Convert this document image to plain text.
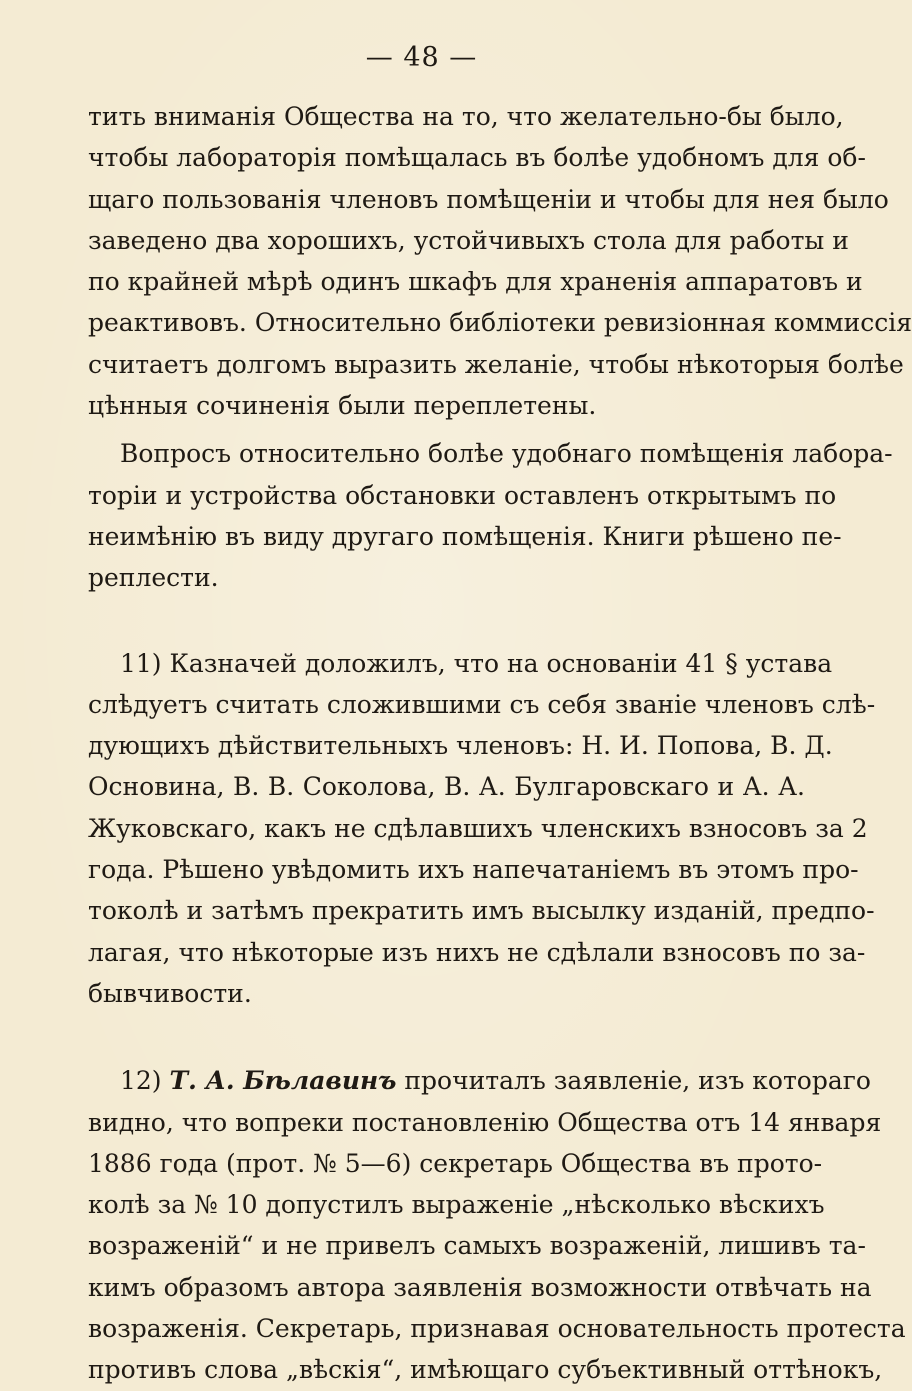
— 48 —
тить вниманія Общества на то, что желательно-бы было,
чтобы лабораторія помѣщалась въ болѣе удобномъ для об-
щаго пользованія членовъ помѣщеніи и чтобы для нея было
заведено два хорошихъ, устойчивыхъ стола для работы и
по крайней мѣрѣ одинъ шкафъ для храненія аппаратовъ и
реактивовъ. Относительно библіотеки ревизіонная коммиссія
считаетъ долгомъ выразить желаніе, чтобы нѣкоторыя болѣе
цѣнныя сочиненія были переплетены.
Вопросъ относительно болѣе удобнаго помѣщенія лабора-
торіи и устройства обстановки оставленъ открытымъ по
неимѣнію въ виду другаго помѣщенія. Книги рѣшено пе-
реплести.
11) Казначей доложилъ, что на основаніи 41 § устава
слѣдуетъ считать сложившими съ себя званіе членовъ слѣ-
дующихъ дѣйствительныхъ членовъ: Н. И. Попова, В. Д.
Основина, В. В. Соколова, В. А. Булгаровскаго и А. А.
Жуковскаго, какъ не сдѣлавшихъ членскихъ взносовъ за 2
года. Рѣшено увѣдомить ихъ напечатаніемъ въ этомъ про-
токолѣ и затѣмъ прекратить имъ высылку изданій, предпо-
лагая, что нѣкоторые изъ нихъ не сдѣлали взносовъ по за-
бывчивости.
12) Т. А. Бѣлавинъ прочиталъ заявленіе, изъ котораго
видно, что вопреки постановленію Общества отъ 14 января
1886 года (прот. № 5—6) секретарь Общества въ прото-
колѣ за № 10 допустилъ выраженіе „нѣсколько вѣскихъ
возраженій“ и не привелъ самыхъ возраженій, лишивъ та-
кимъ образомъ автора заявленія возможности отвѣчать на
возраженія. Секретарь, признавая основательность протеста
противъ слова „вѣскія“, имѣющаго субъективный оттѣнокъ,
